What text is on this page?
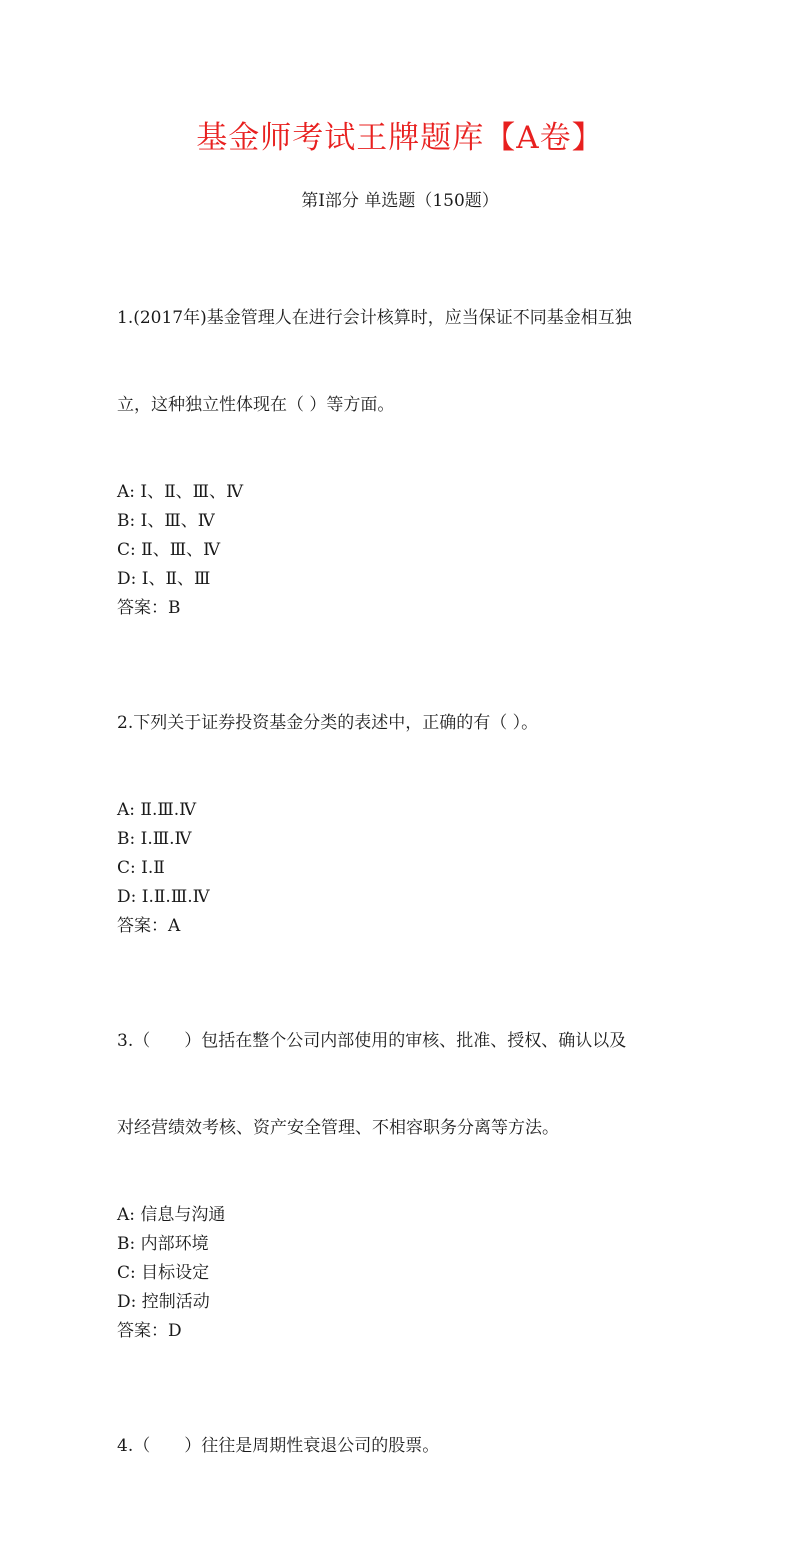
基金师考试王牌题库【A卷】
第Ⅰ部分 单选题（150题）

1.(2017年)基金管理人在进行会计核算时，应当保证不同基金相互独

立，这种独立性体现在（ ）等方面。

A: Ⅰ、Ⅱ、Ⅲ、Ⅳ
B: Ⅰ、Ⅲ、Ⅳ
C: Ⅱ、Ⅲ、Ⅳ
D: Ⅰ、Ⅱ、Ⅲ
答案：B

2.下列关于证券投资基金分类的表述中，正确的有（ ）。

A: Ⅱ.Ⅲ.Ⅳ
B: Ⅰ.Ⅲ.Ⅳ
C: Ⅰ.Ⅱ
D: Ⅰ.Ⅱ.Ⅲ.Ⅳ
答案：A

3.（　　）包括在整个公司内部使用的审核、批准、授权、确认以及

对经营绩效考核、资产安全管理、不相容职务分离等方法。

A: 信息与沟通
B: 内部环境
C: 目标设定
D: 控制活动
答案：D

4.（　　）往往是周期性衰退公司的股票。
